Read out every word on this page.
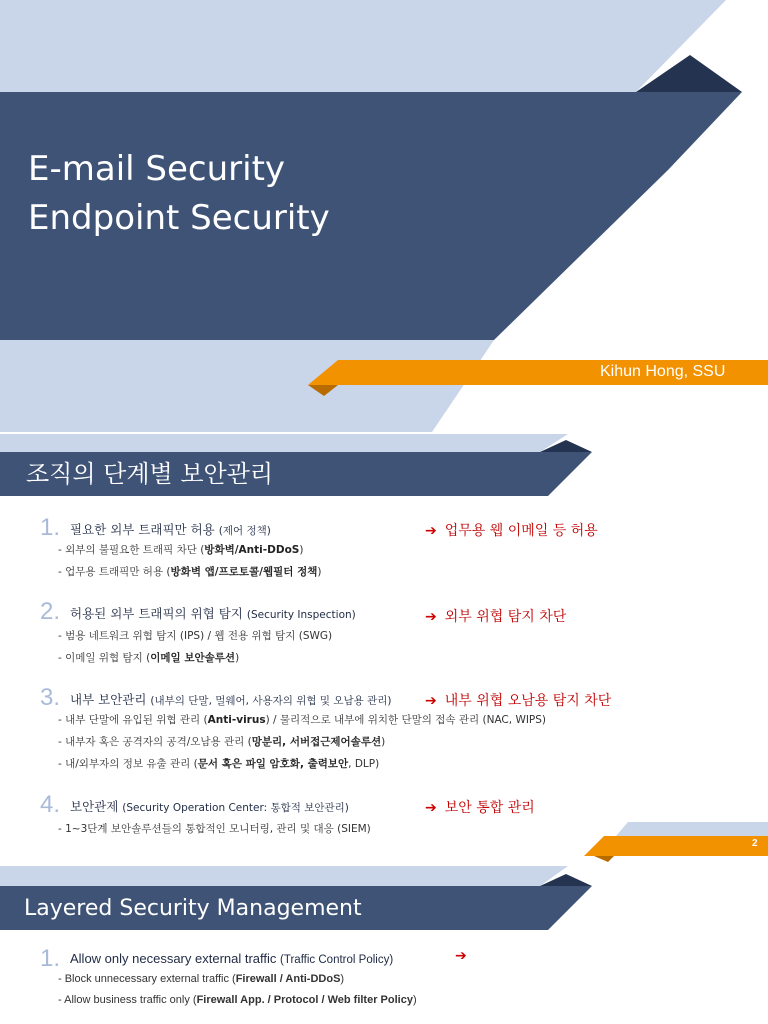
E-mail Security
Endpoint Security
Kihun Hong, SSU
조직의 단계별 보안관리
1. 필요한 외부 트래픽만 허용 (제어 정책)
- 외부의 불필요한 트래픽 차단 (방화벽/Anti-DDoS)
- 업무용 트래픽만 허용 (방화벽 앱/프로토콜/웹필터 정책)
➔ 업무용 웹 이메일 등 허용
2. 허용된 외부 트래픽의 위협 탐지 (Security Inspection)
- 범용 네트워크 위협 탐지 (IPS) / 웹 전용 위협 탐지 (SWG)
- 이메일 위협 탐지 (이메일 보안솔루션)
➔ 외부 위협 탐지 차단
3. 내부 보안관리 (내부의 단말, 멀웨어, 사용자의 위협 및 오남용 관리)
- 내부 단말에 유입된 위협 관리 (Anti-virus) / 물리적으로 내부에 위치한 단말의 접속 관리 (NAC, WIPS)
- 내부자 혹은 공격자의 공격/오남용 관리 (망분리, 서버접근제어솔루션)
- 내/외부자의 정보 유출 관리 (문서 혹은 파일 암호화, 출력보안, DLP)
➔ 내부 위협 오남용 탐지 차단
4. 보안관제 (Security Operation Center: 통합적 보안관리)
- 1~3단계 보안솔루션들의 통합적인 모니터링, 관리 및 대응 (SIEM)
➔ 보안 통합 관리
2
Layered Security Management
1. Allow only necessary external traffic (Traffic Control Policy)
- Block unnecessary external traffic (Firewall / Anti-DDoS)
- Allow business traffic only (Firewall App. / Protocol / Web filter Policy)
➔
